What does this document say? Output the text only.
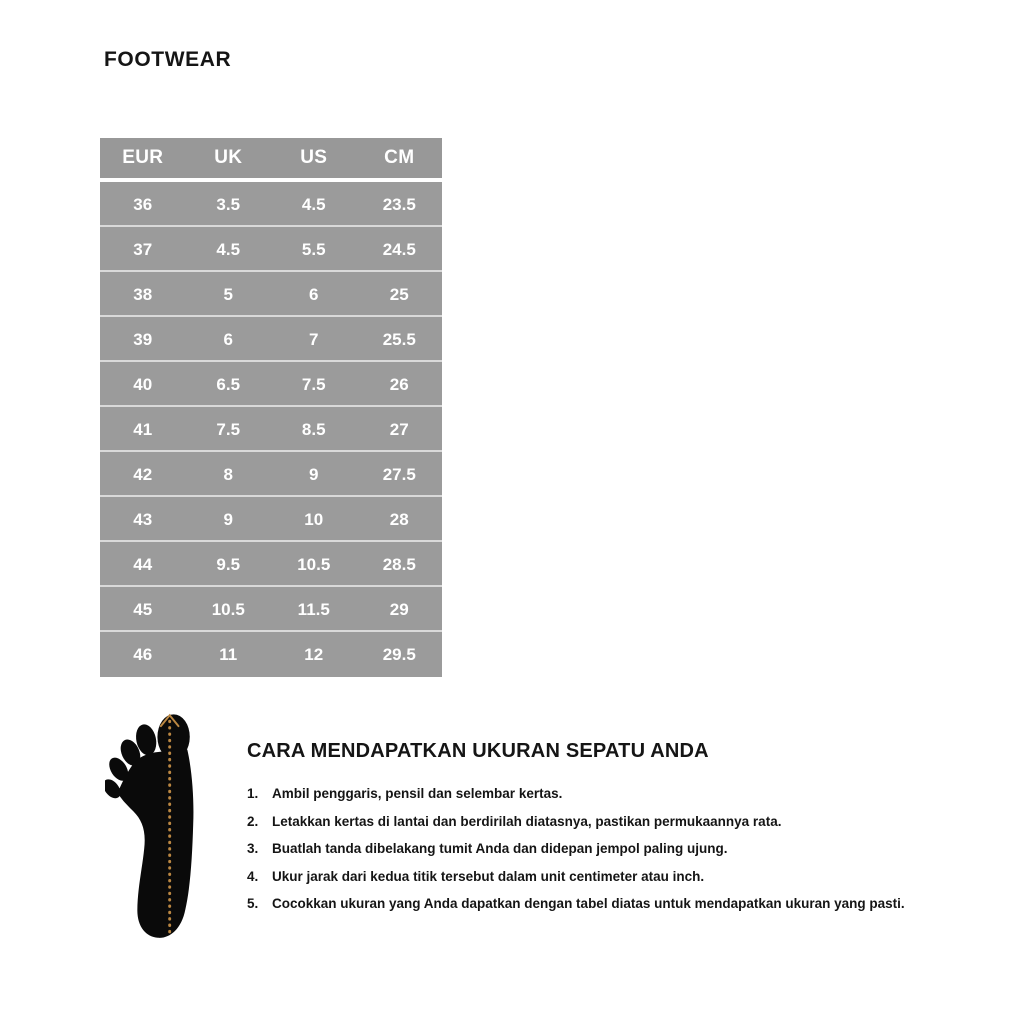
FOOTWEAR
EUR	UK	US	CM
36	3.5	4.5	23.5
37	4.5	5.5	24.5
38	5	6	25
39	6	7	25.5
40	6.5	7.5	26
41	7.5	8.5	27
42	8	9	27.5
43	9	10	28
44	9.5	10.5	28.5
45	10.5	11.5	29
46	11	12	29.5
CARA MENDAPATKAN UKURAN SEPATU ANDA
1.	Ambil penggaris, pensil dan selembar kertas.
2.	Letakkan kertas di lantai dan berdirilah diatasnya, pastikan permukaannya rata.
3.	Buatlah tanda dibelakang tumit Anda dan didepan jempol paling ujung.
4.	Ukur jarak dari kedua titik tersebut dalam unit centimeter atau inch.
5.	Cocokkan ukuran yang Anda dapatkan dengan tabel diatas untuk mendapatkan ukuran yang pasti.
